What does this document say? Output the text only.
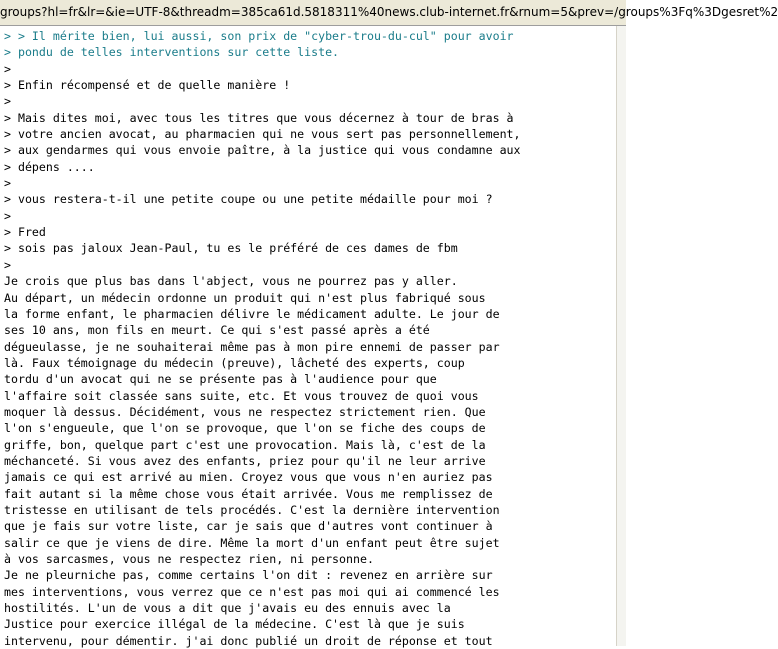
groups?hl=fr&lr=&ie=UTF-8&threadm=385ca61d.5818311%40news.club-internet.fr&rnum=5&prev=/groups%3Fq%3Dgesret%2
> > Il mérite bien, lui aussi, son prix de "cyber-trou-du-cul" pour avoir
> pondu de telles interventions sur cette liste.
>
> Enfin récompensé et de quelle manière !
>
> Mais dites moi, avec tous les titres que vous décernez à tour de bras à
> votre ancien avocat, au pharmacien qui ne vous sert pas personnellement,
> aux gendarmes qui vous envoie paître, à la justice qui vous condamne aux
> dépens ....
>
> vous restera-t-il une petite coupe ou une petite médaille pour moi ?
>
> Fred
> sois pas jaloux Jean-Paul, tu es le préféré de ces dames de fbm
>
Je crois que plus bas dans l'abject, vous ne pourrez pas y aller.
Au départ, un médecin ordonne un produit qui n'est plus fabriqué sous
la forme enfant, le pharmacien délivre le médicament adulte. Le jour de
ses 10 ans, mon fils en meurt. Ce qui s'est passé après a été
dégueulasse, je ne souhaiterai même pas à mon pire ennemi de passer par
là. Faux témoignage du médecin (preuve), lâcheté des experts, coup
tordu d'un avocat qui ne se présente pas à l'audience pour que
l'affaire soit classée sans suite, etc. Et vous trouvez de quoi vous
moquer là dessus. Décidément, vous ne respectez strictement rien. Que
l'on s'engueule, que l'on se provoque, que l'on se fiche des coups de
griffe, bon, quelque part c'est une provocation. Mais là, c'est de la
méchanceté. Si vous avez des enfants, priez pour qu'il ne leur arrive
jamais ce qui est arrivé au mien. Croyez vous que vous n'en auriez pas
fait autant si la même chose vous était arrivée. Vous me remplissez de
tristesse en utilisant de tels procédés. C'est la dernière intervention
que je fais sur votre liste, car je sais que d'autres vont continuer à
salir ce que je viens de dire. Même la mort d'un enfant peut être sujet
à vos sarcasmes, vous ne respectez rien, ni personne.
Je ne pleurniche pas, comme certains l'on dit : revenez en arrière sur
mes interventions, vous verrez que ce n'est pas moi qui ai commencé les
hostilités. L'un de vous a dit que j'avais eu des ennuis avec la
Justice pour exercice illégal de la médecine. C'est là que je suis
intervenu, pour démentir. j'ai donc publié un droit de réponse et tout
